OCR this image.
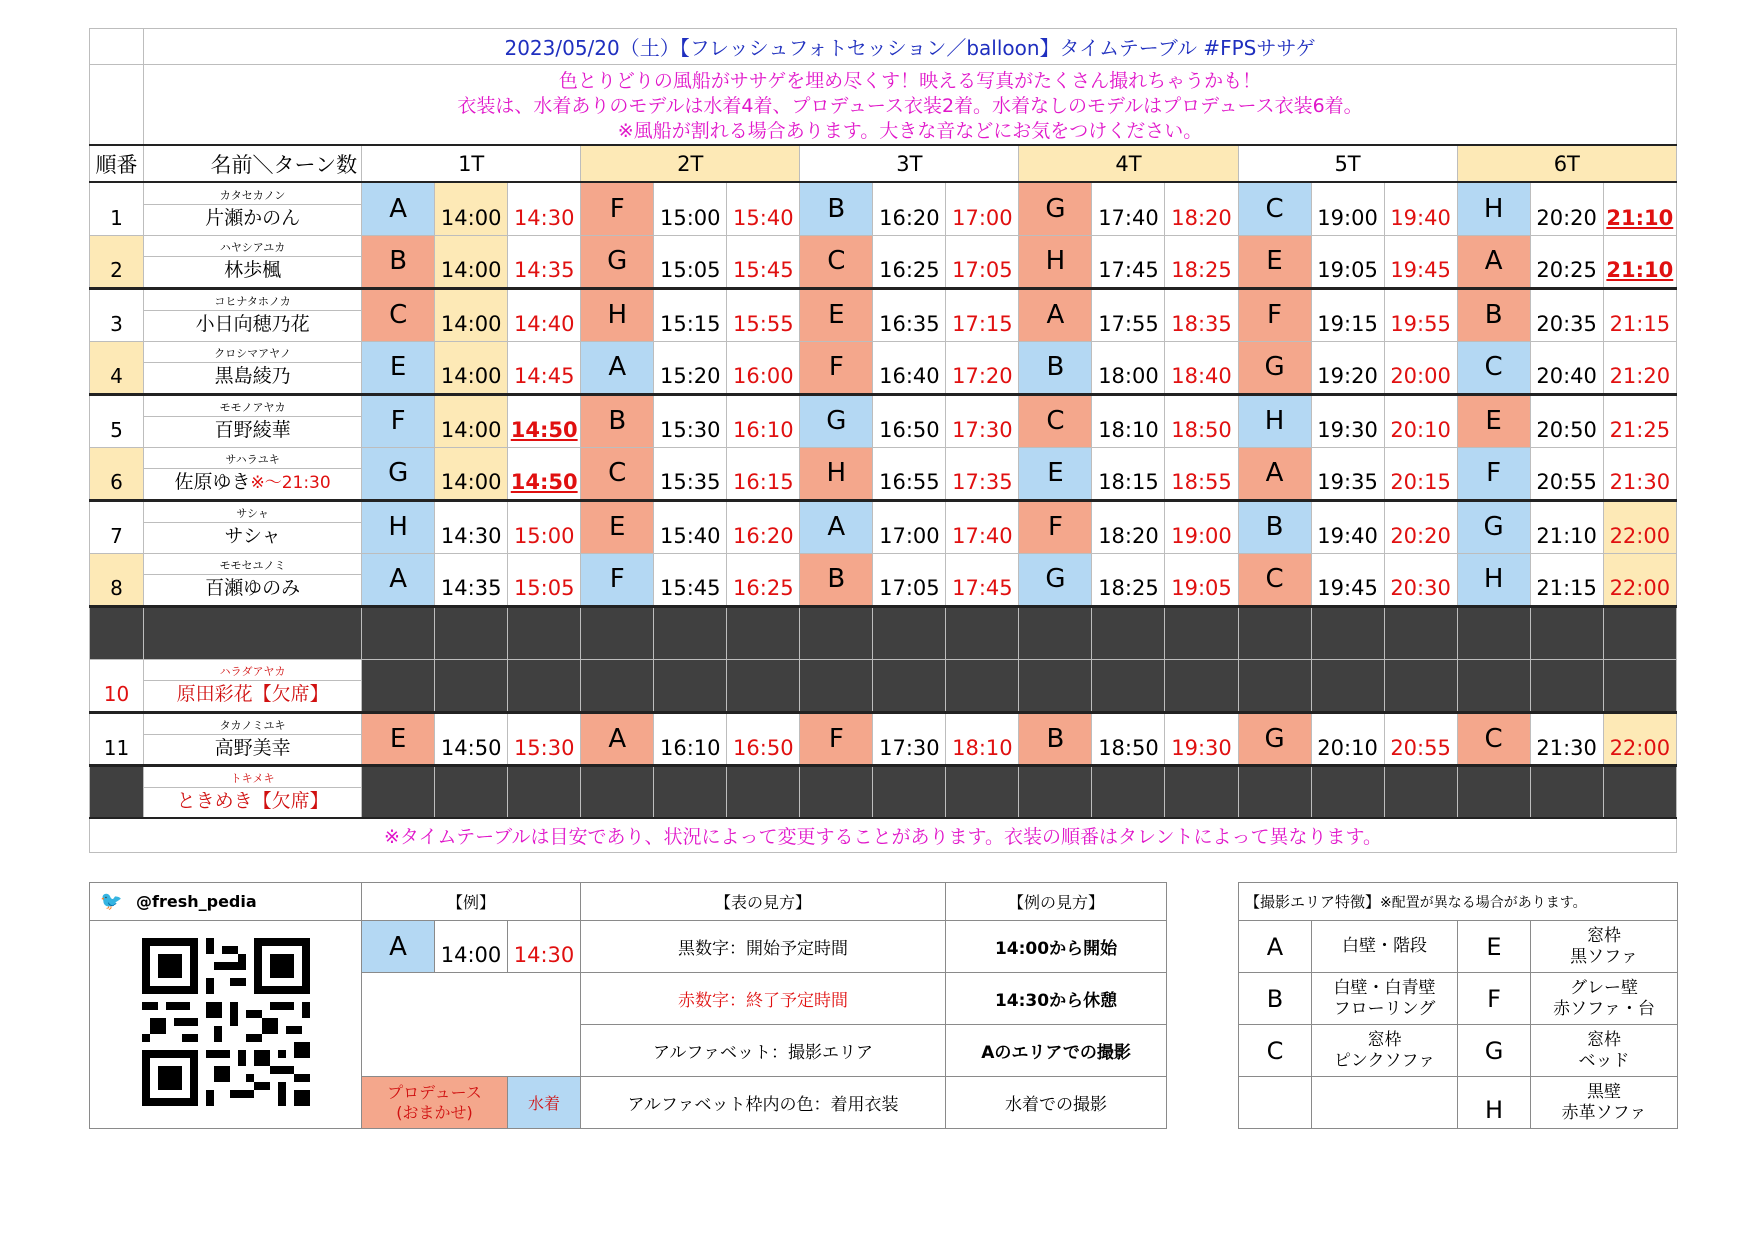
	2023/05/20（土）【フレッシュフォトセッション／balloon】タイムテーブル #FPSササゲ																		

	色とりどりの風船がササゲを埋め尽くす！映える写真がたくさん撮れちゃうかも！
衣装は、水着ありのモデルは水着4着、プロデュース衣装2着。水着なしのモデルはプロデュース衣装6着。
※風船が割れる場合あります。大きな音などにお気をつけください。																		

順番	名前＼ターン数	1T			2T			3T			4T			5T			6T		
1	カタセカノン
片瀬かのん	A	14:00	14:30	F	15:00	15:40	B	16:20	17:00	G	17:40	18:20	C	19:00	19:40	H	20:20	21:10
2	ハヤシアユカ
林歩楓	B	14:00	14:35	G	15:05	15:45	C	16:25	17:05	H	17:45	18:25	E	19:05	19:45	A	20:25	21:10
3	コヒナタホノカ
小日向穂乃花	C	14:00	14:40	H	15:15	15:55	E	16:35	17:15	A	17:55	18:35	F	19:15	19:55	B	20:35	21:15
4	クロシマアヤノ
黒島綾乃	E	14:00	14:45	A	15:20	16:00	F	16:40	17:20	B	18:00	18:40	G	19:20	20:00	C	20:40	21:20
5	モモノアヤカ
百野綾華	F	14:00	14:50	B	15:30	16:10	G	16:50	17:30	C	18:10	18:50	H	19:30	20:10	E	20:50	21:25
6	サハラユキ
佐原ゆき※～21:30	G	14:00	14:50	C	15:35	16:15	H	16:55	17:35	E	18:15	18:55	A	19:35	20:15	F	20:55	21:30
7	サシャ
サシャ	H	14:30	15:00	E	15:40	16:20	A	17:00	17:40	F	18:20	19:00	B	19:40	20:20	G	21:10	22:00
8	モモセユノミ
百瀬ゆのみ	A	14:35	15:05	F	15:45	16:25	B	17:05	17:45	G	18:25	19:05	C	19:45	20:30	H	21:15	22:00

10	ハラダアヤカ
原田彩花【欠席】																		

11	タカノミユキ
高野美幸	E	14:50	15:30	A	16:10	16:50	F	17:30	18:10	B	18:50	19:30	G	20:10	20:55	C	21:30	22:00

	トキメキ
ときめき【欠席】																		

※タイムテーブルは目安であり、状況によって変更することがあります。衣装の順番はタレントによって異なります。																			
🐦 @fresh_pedia	【例】			【表の見方】	【例の見方】
	A	14:00	14:30	黒数字：開始予定時間	14:00から開始
				赤数字：終了予定時間	14:30から休憩
				アルファベット：撮影エリア	Aのエリアでの撮影
	プロデュース
(おまかせ)		水着	アルファベット枠内の色：着用衣装	水着での撮影
【撮影エリア特徴】※配置が異なる場合があります。			
A	白壁・階段	E	窓枠
黒ソファ
B	白壁・白青壁
フローリング	F	グレー壁
赤ソファ・台
C	窓枠
ピンクソファ	G	窓枠
ベッド
		H	黒壁
赤革ソファ
